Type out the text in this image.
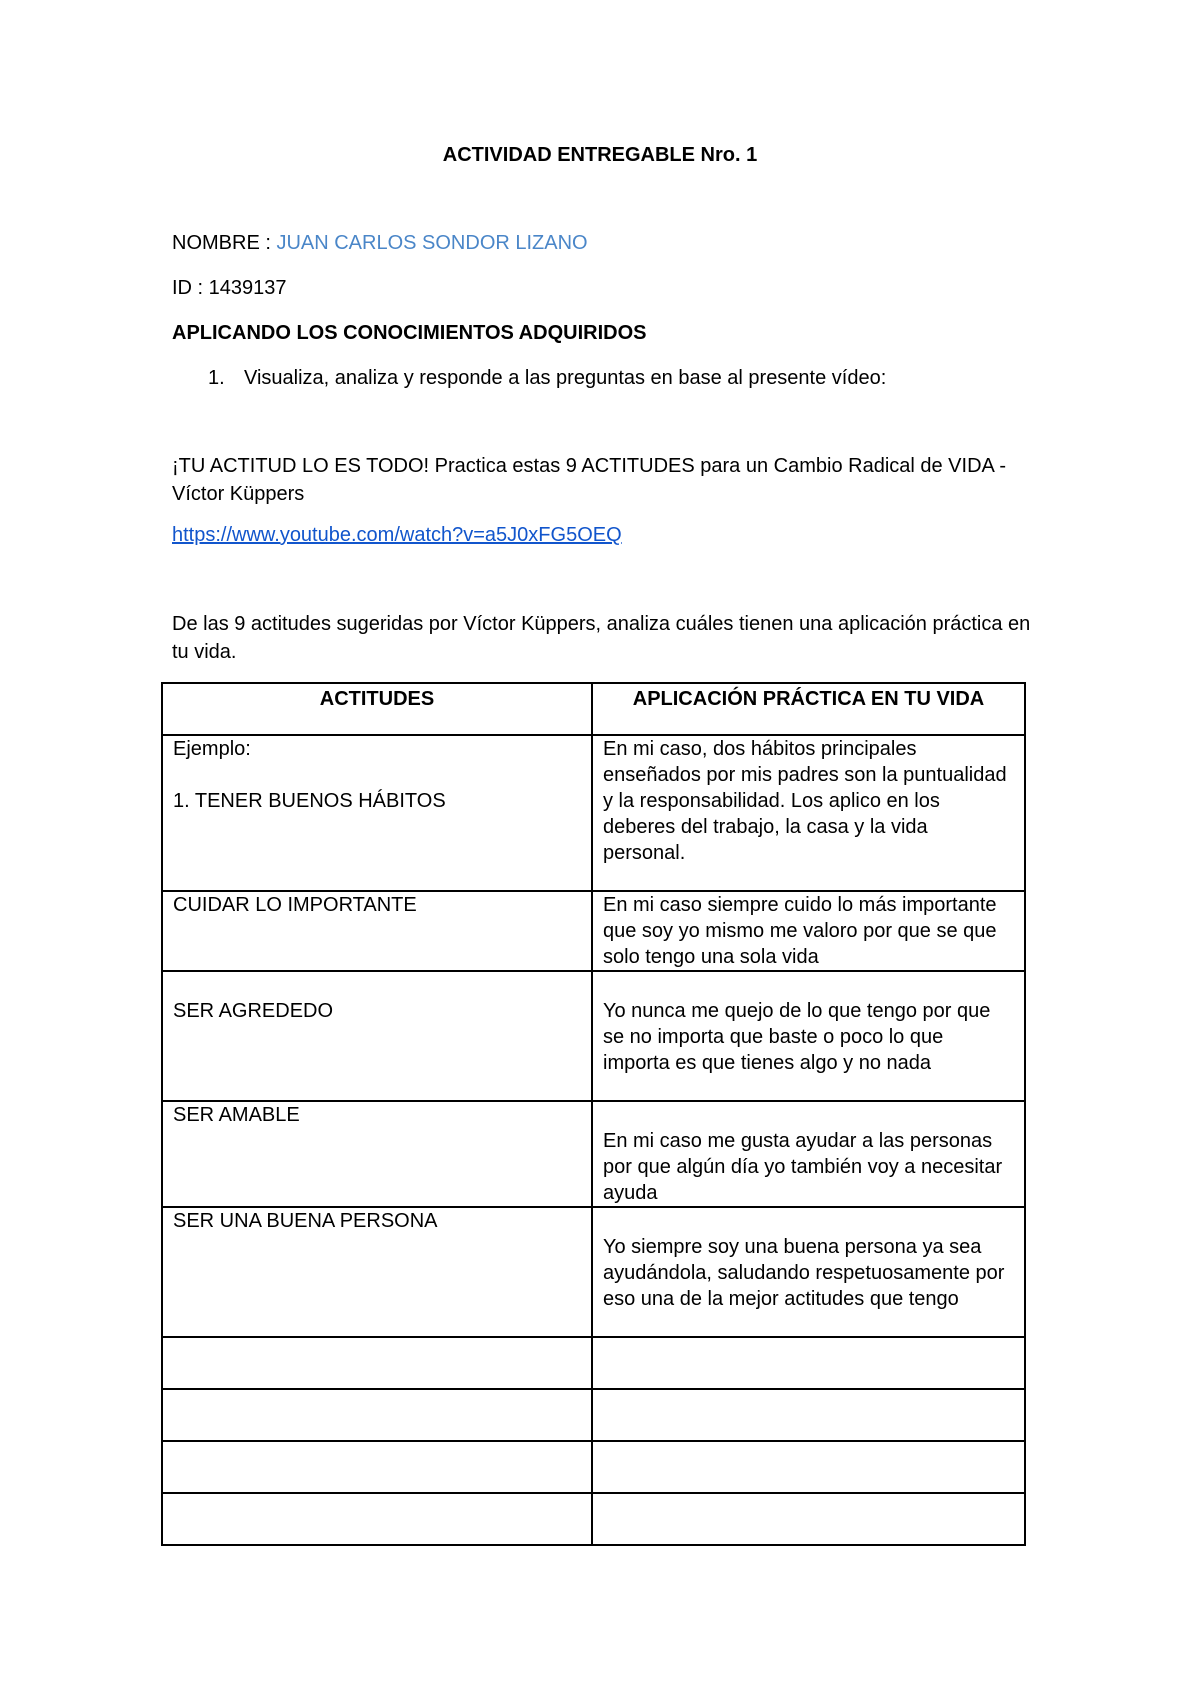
ACTIVIDAD ENTREGABLE Nro. 1
NOMBRE : JUAN CARLOS SONDOR LIZANO
ID : 1439137
APLICANDO LOS CONOCIMIENTOS ADQUIRIDOS
1. Visualiza, analiza y responde a las preguntas en base al presente vídeo:
¡TU ACTITUD LO ES TODO! Practica estas 9 ACTITUDES para un Cambio Radical de VIDA - Víctor Küppers
https://www.youtube.com/watch?v=a5J0xFG5OEQ
De las 9 actitudes sugeridas por Víctor Küppers, analiza cuáles tienen una aplicación práctica en tu vida.
ACTITUDES	APLICACIÓN PRÁCTICA EN TU VIDA

Ejemplo:
1. TENER BUENOS HÁBITOS	En mi caso, dos hábitos principales enseñados por mis padres son la puntualidad y la responsabilidad. Los aplico en los deberes del trabajo, la casa y la vida personal.
CUIDAR LO IMPORTANTE	En mi caso siempre cuido lo más importante que soy yo mismo me valoro por que se que solo tengo una sola vida

SER AGREDEDO	Yo nunca me quejo de lo que tengo por que se no importa que baste o poco lo que importa es que tienes algo y no nada

SER AMABLE	En mi caso me gusta ayudar a las personas por que algún día yo también voy a necesitar ayuda

SER UNA BUENA PERSONA	Yo siempre soy una buena persona ya sea ayudándola, saludando respetuosamente por eso una de la mejor actitudes que tengo
